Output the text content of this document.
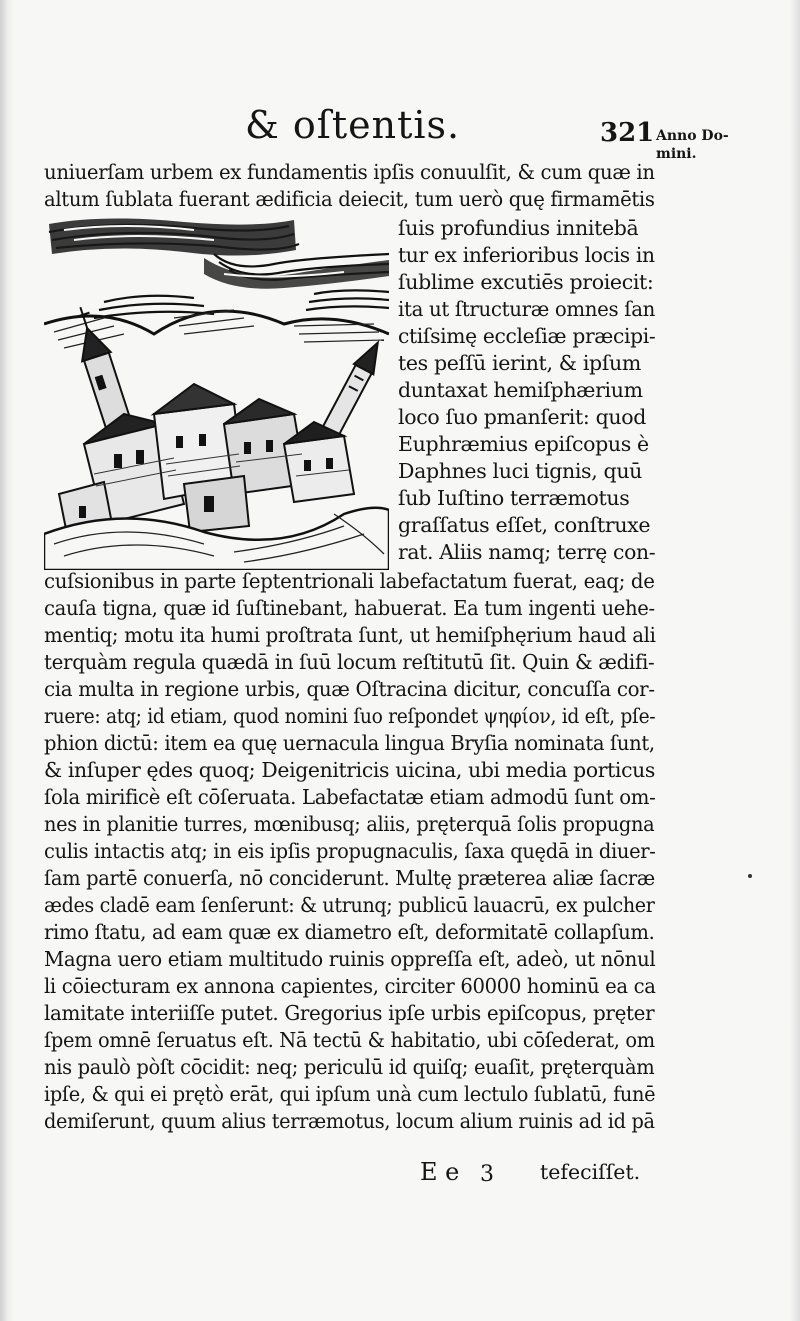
& oſtentis.	321 Anno Do-
mini.
uniuerſam urbem ex fundamentis ipſis conuulſit, & cum quæ in
altum ſublata fuerant ædificia deiecit, tum uerò quę firmamētis
ſuis profundius innitebā
tur ex inferioribus locis in
ſublime excutiēs proiecit:
ita ut ſtructuræ omnes ſan
ctiſsimę eccleſiæ præcipi-
tes peſſū ierint, & ipſum
duntaxat hemiſphærium
loco ſuo pmanſerit: quod
Euphræmius epiſcopus è
Daphnes luci tignis, quū
ſub Iuſtino terræmotus
graſſatus eſſet, conſtruxe
rat. Aliis namq; terrę con-
cuſsionibus in parte ſeptentrionali labefactatum fuerat, eaq; de
cauſa tigna, quæ id ſuſtinebant, habuerat. Ea tum ingenti uehe-
mentiq; motu ita humi proſtrata ſunt, ut hemiſphęrium haud ali
terquàm regula quædā in ſuū locum reſtitutū ſit. Quin & ædifi-
cia multa in regione urbis, quæ Oſtracina dicitur, concuſſa cor-
ruere: atq; id etiam, quod nomini ſuo reſpondet ψηφίον, id eſt, pſe-
phion dictū: item ea quę uernacula lingua Bryſia nominata ſunt,
& inſuper ędes quoq; Deigenitricis uicina, ubi media porticus
ſola mirificè eſt cōſeruata. Labefactatæ etiam admodū ſunt om-
nes in planitie turres, mœnibusq; aliis, pręterquā ſolis propugna
culis intactis atq; in eis ipſis propugnaculis, ſaxa quędā in diuer-
ſam partē conuerſa, nō conciderunt. Multę præterea aliæ ſacræ
ædes cladē eam ſenſerunt: & utrunq; publicū lauacrū, ex pulcher
rimo ſtatu, ad eam quæ ex diametro eſt, deformitatē collapſum.
Magna uero etiam multitudo ruinis oppreſſa eſt, adeò, ut nōnul
li cōiecturam ex annona capientes, circiter 60000 hominū ea ca
lamitate interiiſſe putet. Gregorius ipſe urbis epiſcopus, pręter
ſpem omnē ſeruatus eſt. Nā tectū & habitatio, ubi cōſederat, om
nis paulò pòſt cōcidit: neq; periculū id quiſq; euaſit, pręterquàm
ipſe, & qui ei prętò erāt, qui ipſum unà cum lectulo ſublatū, funē
demiſerunt, quum alius terræmotus, locum alium ruinis ad id pā
E e 3 tefeciſſet.
